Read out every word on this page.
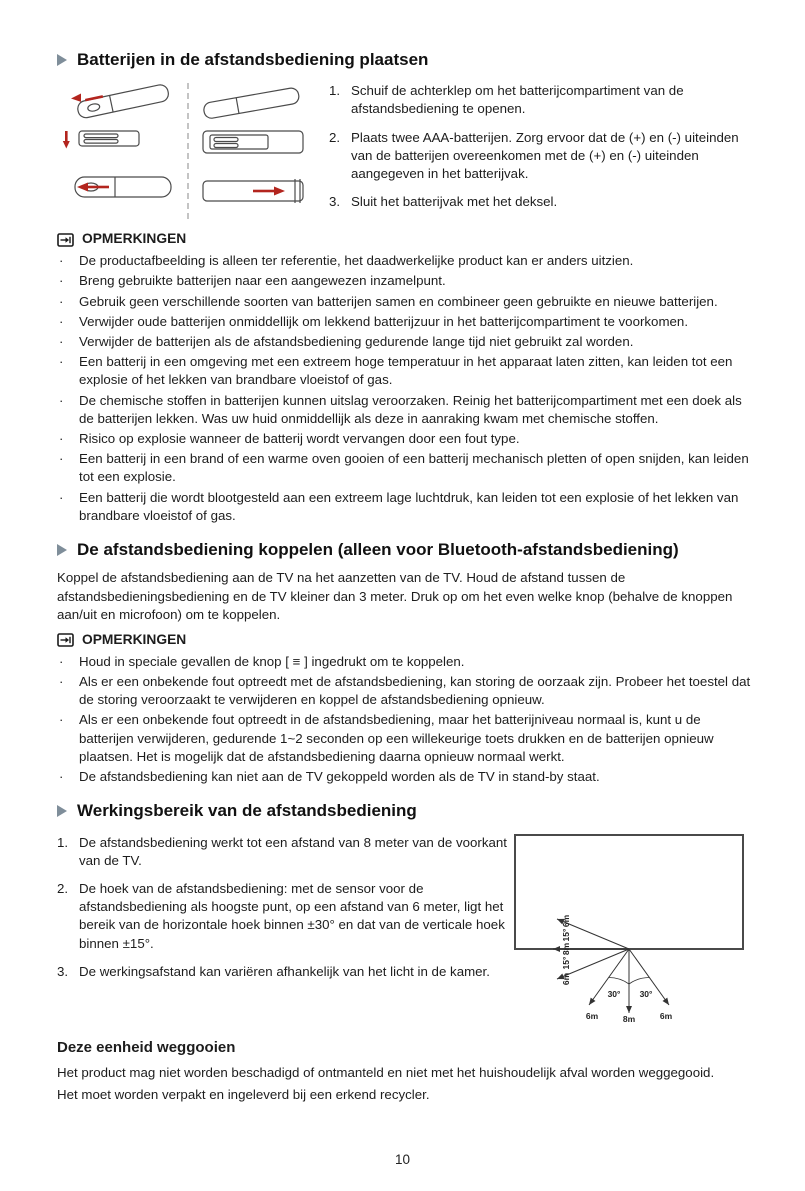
Batterijen in de afstandsbediening plaatsen
1. Schuif de achterklep om het batterijcompartiment van de afstandsbediening te openen.
2. Plaats twee AAA-batterijen. Zorg ervoor dat de (+) en (-) uiteinden van de batterijen overeenkomen met de (+) en (-) uiteinden aangegeven in het batterijvak.
3. Sluit het batterijvak met het deksel.
OPMERKINGEN
·	De productafbeelding is alleen ter referentie, het daadwerkelijke product kan er anders uitzien.
·	Breng gebruikte batterijen naar een aangewezen inzamelpunt.
·	Gebruik geen verschillende soorten van batterijen samen en combineer geen gebruikte en nieuwe batterijen.
·	Verwijder oude batterijen onmiddellijk om lekkend batterijzuur in het batterijcompartiment te voorkomen.
·	Verwijder de batterijen als de afstandsbediening gedurende lange tijd niet gebruikt zal worden.
·	Een batterij in een omgeving met een extreem hoge temperatuur in het apparaat laten zitten, kan leiden tot een explosie of het lekken van brandbare vloeistof of gas.
·	De chemische stoffen in batterijen kunnen uitslag veroorzaken. Reinig het batterijcompartiment met een doek als de batterijen lekken. Was uw huid onmiddellijk als deze in aanraking kwam met chemische stoffen.
·	Risico op explosie wanneer de batterij wordt vervangen door een fout type.
·	Een batterij in een brand of een warme oven gooien of een batterij mechanisch pletten of open snijden, kan leiden tot een explosie.
·	Een batterij die wordt blootgesteld aan een extreem lage luchtdruk, kan leiden tot een explosie of het lekken van brandbare vloeistof of gas.
De afstandsbediening koppelen (alleen voor Bluetooth-afstandsbediening)

Koppel de afstandsbediening aan de TV na het aanzetten van de TV. Houd de afstand tussen de afstandsbedieningsbediening en de TV kleiner dan 3 meter. Druk op om het even welke knop (behalve de knoppen aan/uit en microfoon) om te koppelen.

OPMERKINGEN
·	Houd in speciale gevallen de knop [ ≡ ] ingedrukt om te koppelen.
·	Als er een onbekende fout optreedt met de afstandsbediening, kan storing de oorzaak zijn. Probeer het toestel dat de storing veroorzaakt te verwijderen en koppel de afstandsbediening opnieuw.
·	Als er een onbekende fout optreedt in de afstandsbediening, maar het batterijniveau normaal is, kunt u de batterijen verwijderen, gedurende 1~2 seconden op een willekeurige toets drukken en de batterijen opnieuw plaatsen. Het is mogelijk dat de afstandsbediening daarna opnieuw normaal werkt.
·	De afstandsbediening kan niet aan de TV gekoppeld worden als de TV in stand-by staat.
Werkingsbereik van de afstandsbediening
1. De afstandsbediening werkt tot een afstand van 8 meter van de voorkant van de TV.
2. De hoek van de afstandsbediening: met de sensor voor de afstandsbediening als hoogste punt, op een afstand van 6 meter, ligt het bereik van de horizontale hoek binnen ±30° en dat van de verticale hoek binnen ±15°.
3. De werkingsafstand kan variëren afhankelijk van het licht in de kamer.
6m
15°
8m
15°
6m
30° 30°
6m	8m	6m
Deze eenheid weggooien

Het product mag niet worden beschadigd of ontmanteld en niet met het huishoudelijk afval worden weggegooid.

Het moet worden verpakt en ingeleverd bij een erkend recycler.

10
